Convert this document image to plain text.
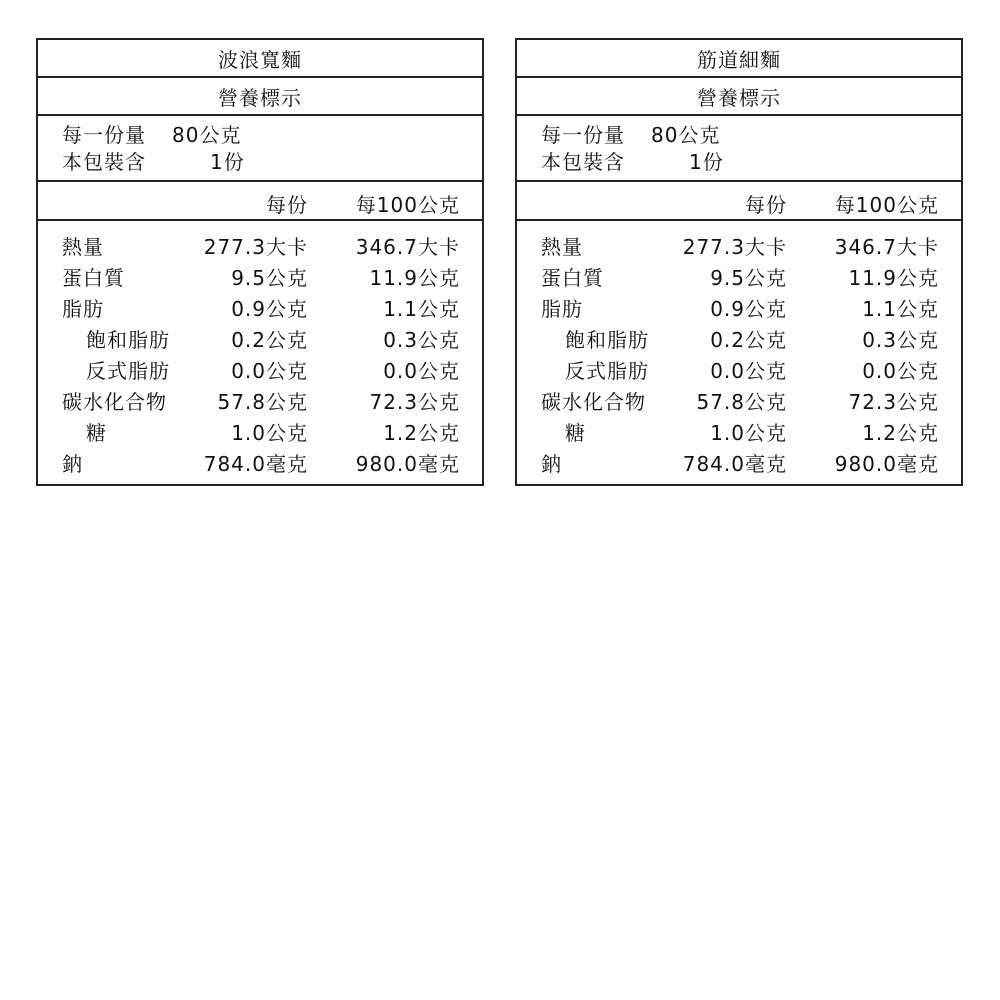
波浪寬麵
營養標示
每一份量	80公克
本包裝含	1份
每份 每100公克
熱量	277.3大卡 346.7大卡
蛋白質	9.5公克	11.9公克
脂肪	0.9公克	1.1公克
飽和脂肪	0.2公克	0.3公克
反式脂肪	0.0公克	0.0公克
碳水化合物	57.8公克	72.3公克
糖	1.0公克	1.2公克
鈉	784.0毫克 980.0毫克
筋道細麵
營養標示
每一份量	80公克
本包裝含	1份
每份 每100公克
熱量	277.3大卡 346.7大卡
蛋白質	9.5公克	11.9公克
脂肪	0.9公克	1.1公克
飽和脂肪	0.2公克	0.3公克
反式脂肪	0.0公克	0.0公克
碳水化合物	57.8公克	72.3公克
糖	1.0公克	1.2公克
鈉	784.0毫克 980.0毫克
